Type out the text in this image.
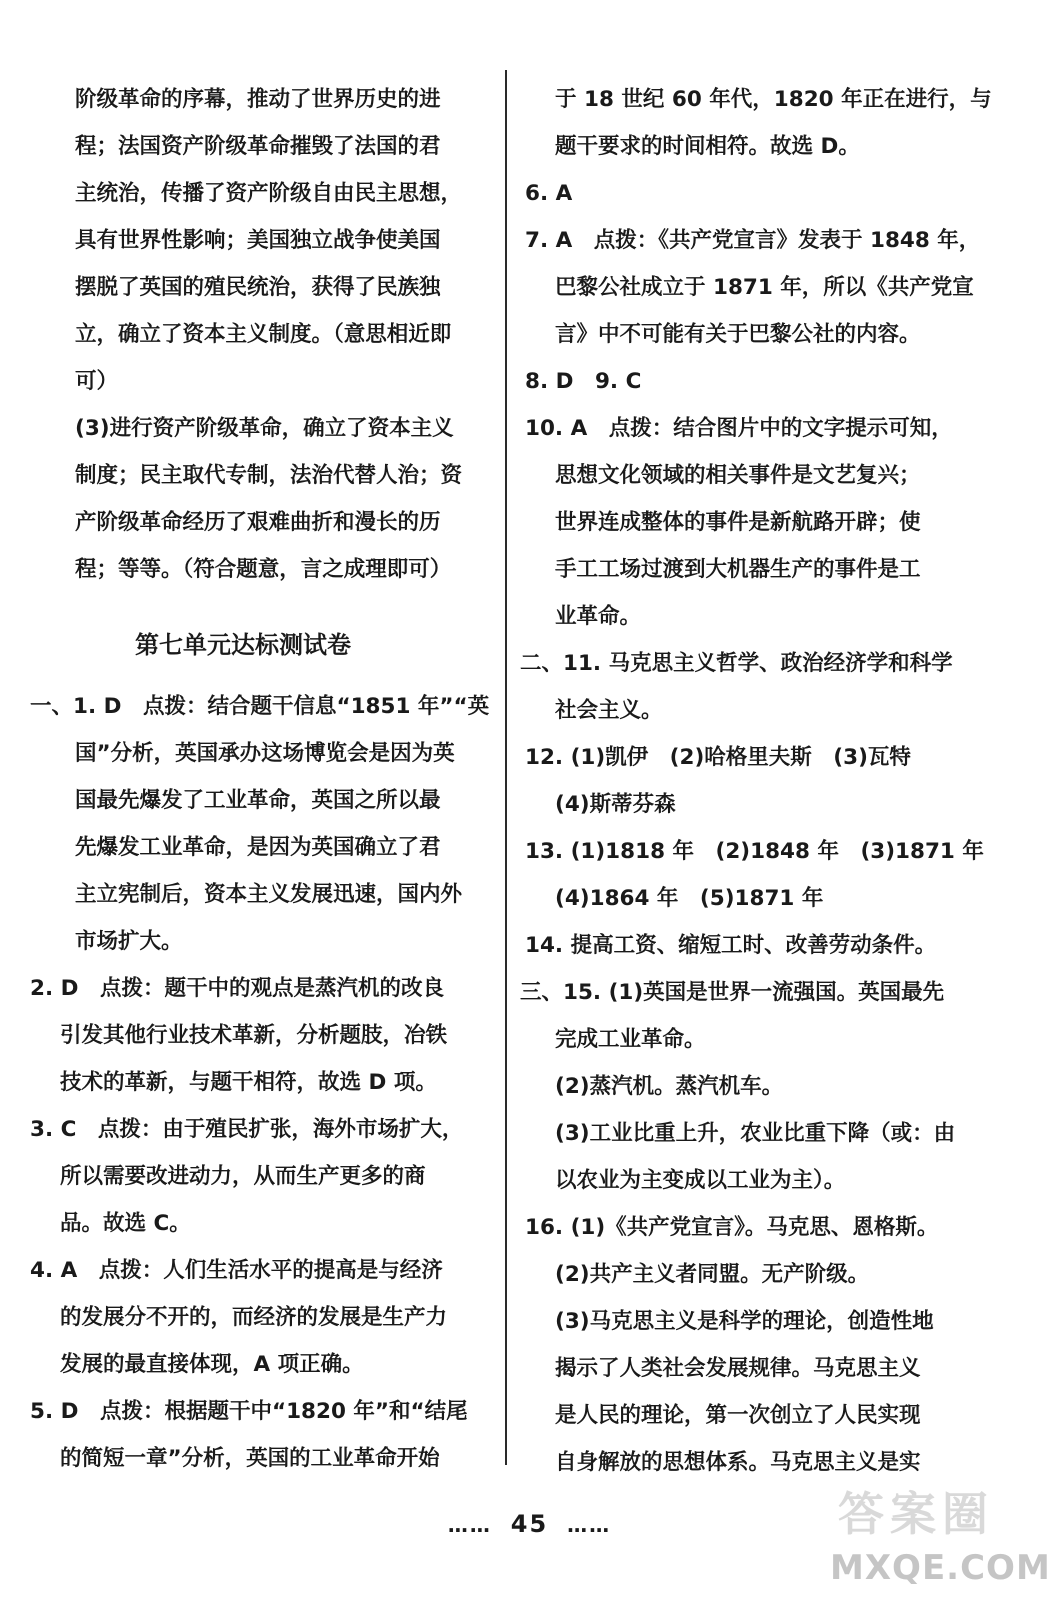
阶级革命的序幕，推动了世界历史的进
程；法国资产阶级革命摧毁了法国的君
主统治，传播了资产阶级自由民主思想，
具有世界性影响；美国独立战争使美国
摆脱了英国的殖民统治，获得了民族独
立，确立了资本主义制度。（意思相近即
可）
(3)进行资产阶级革命，确立了资本主义
制度；民主取代专制，法治代替人治；资
产阶级革命经历了艰难曲折和漫长的历
程；等等。（符合题意，言之成理即可）
第七单元达标测试卷
一、1. D　点拨：结合题干信息“1851 年”“英
国”分析，英国承办这场博览会是因为英
国最先爆发了工业革命，英国之所以最
先爆发工业革命，是因为英国确立了君
主立宪制后，资本主义发展迅速，国内外
市场扩大。
2. D　点拨：题干中的观点是蒸汽机的改良
引发其他行业技术革新，分析题肢，冶铁
技术的革新，与题干相符，故选 D 项。
3. C　点拨：由于殖民扩张，海外市场扩大，
所以需要改进动力，从而生产更多的商
品。故选 C。
4. A　点拨：人们生活水平的提高是与经济
的发展分不开的，而经济的发展是生产力
发展的最直接体现，A 项正确。
5. D　点拨：根据题干中“1820 年”和“结尾
的简短一章”分析，英国的工业革命开始
于 18 世纪 60 年代，1820 年正在进行，与
题干要求的时间相符。故选 D。
6. A
7. A　点拨：《共产党宣言》发表于 1848 年，
巴黎公社成立于 1871 年，所以《共产党宣
言》中不可能有关于巴黎公社的内容。
8. D　9. C
10. A　点拨：结合图片中的文字提示可知，
思想文化领域的相关事件是文艺复兴；
世界连成整体的事件是新航路开辟；使
手工工场过渡到大机器生产的事件是工
业革命。
二、11. 马克思主义哲学、政治经济学和科学
社会主义。
12. (1)凯伊　(2)哈格里夫斯　(3)瓦特
(4)斯蒂芬森
13. (1)1818 年　(2)1848 年　(3)1871 年
(4)1864 年　(5)1871 年
14. 提高工资、缩短工时、改善劳动条件。
三、15. (1)英国是世界一流强国。英国最先
完成工业革命。
(2)蒸汽机。蒸汽机车。
(3)工业比重上升，农业比重下降（或：由
以农业为主变成以工业为主）。
16. (1)《共产党宣言》。马克思、恩格斯。
(2)共产主义者同盟。无产阶级。
(3)马克思主义是科学的理论，创造性地
揭示了人类社会发展规律。马克思主义
是人民的理论，第一次创立了人民实现
自身解放的思想体系。马克思主义是实
…… 45 ……	答案圈
MXQE.COM
